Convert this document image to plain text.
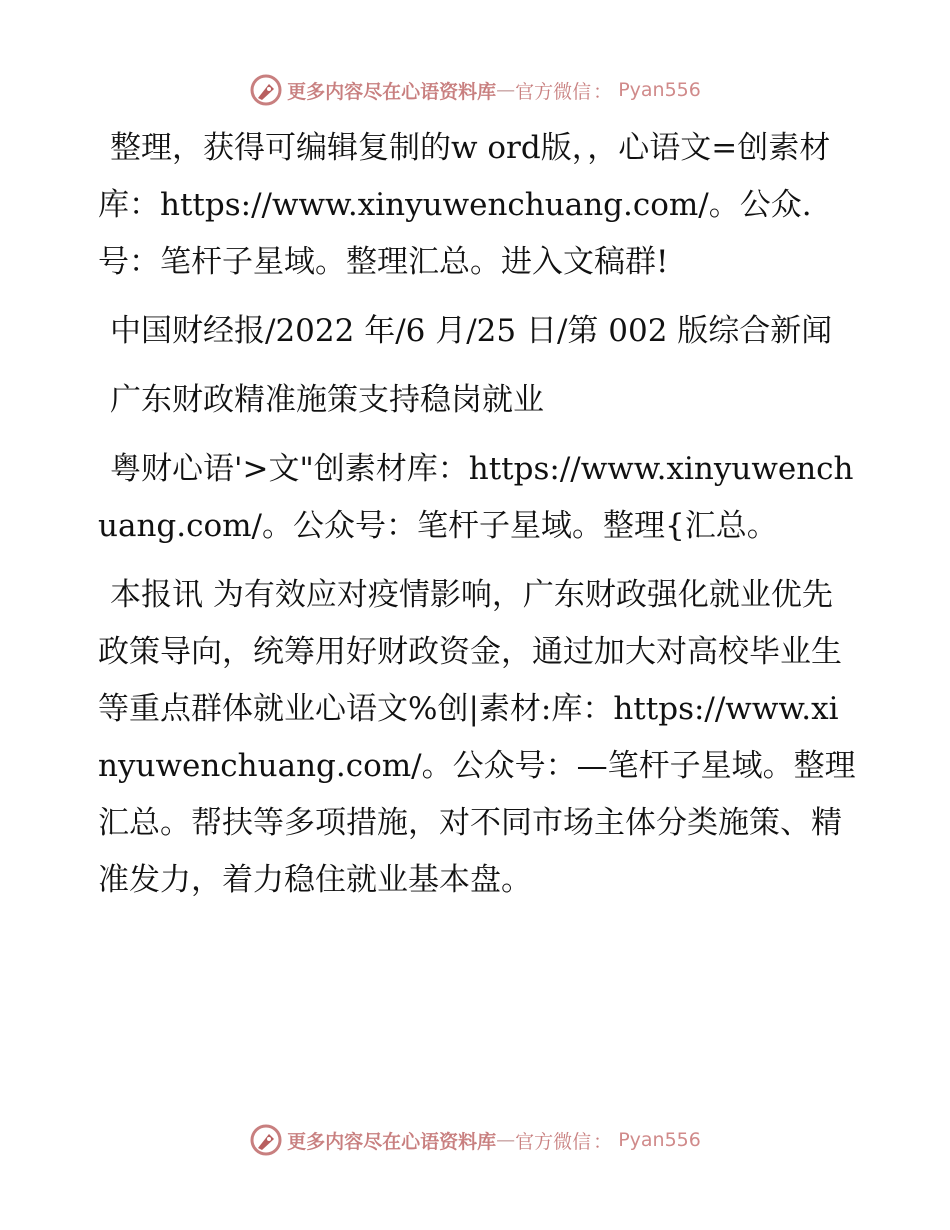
更多内容尽在心语资料库 — 官方微信 ： Pyan556

整理，获得可编辑复制的w ord版，，心语文=创素材库：https://www.xinyuwenchuang.com/。公众.号：笔杆子星域。整理汇总。进入文稿群!

中国财经报/2022 年/6 月/25 日/第 002 版综合新闻

广东财政精准施策支持稳岗就业

粤财心语'>文"创素材库：https://www.xinyuwenchuang.com/。公众号：笔杆子星域。整理{汇总。

本报讯 为有效应对疫情影响，广东财政强化就业优先政策导向，统筹用好财政资金，通过加大对高校毕业生等重点群体就业心语文%创|素材:库：https://www.xinyuwenchuang.com/。公众号：—笔杆子星域。整理汇总。帮扶等多项措施，对不同市场主体分类施策、精准发力，着力稳住就业基本盘。

更多内容尽在心语资料库 — 官方微信 ： Pyan556
